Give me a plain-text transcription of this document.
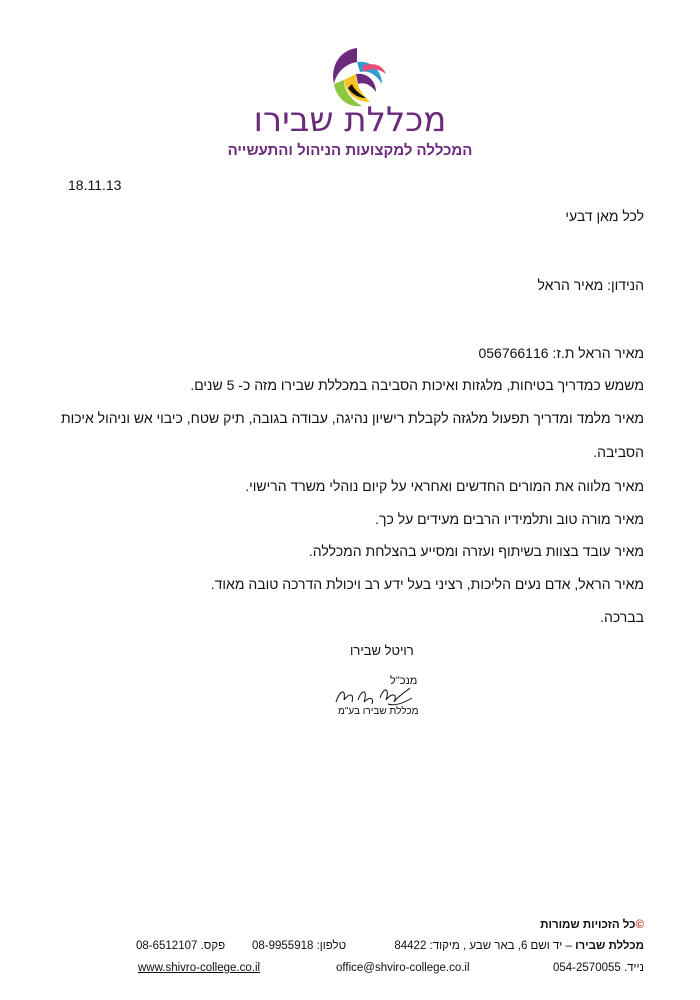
מכללת שבירו
המכללה למקצועות הניהול והתעשייה
18.11.13
לכל מאן דבעי
הנידון: מאיר הראל
מאיר הראל ת.ז: 056766116
משמש כמדריך בטיחות, מלגזות ואיכות הסביבה במכללת שבירו מזה כ- 5 שנים.
מאיר מלמד ומדריך תפעול מלגזה לקבלת רישיון נהיגה, עבודה בגובה, תיק שטח, כיבוי אש וניהול איכות הסביבה.
מאיר מלווה את המורים החדשים ואחראי על קיום נוהלי משרד הרישוי.
מאיר מורה טוב ותלמידיו הרבים מעידים על כך.
מאיר עובד בצוות בשיתוף ועזרה ומסייע בהצלחת המכללה.
מאיר הראל, אדם נעים הליכות, רציני בעל ידע רב ויכולת הדרכה טובה מאוד.
בברכה.
רויטל שבירו
מנכ"ל
מכללת שבירו בע"מ
©כל הזכויות שמורות
מכללת שבירו – יד ושם 6, באר שבע , מיקוד: 84422
טלפון: 08-9955918
פקס. 08-6512107
נייד. 054-2570055
office@shviro-college.co.il
www.shivro-college.co.il
